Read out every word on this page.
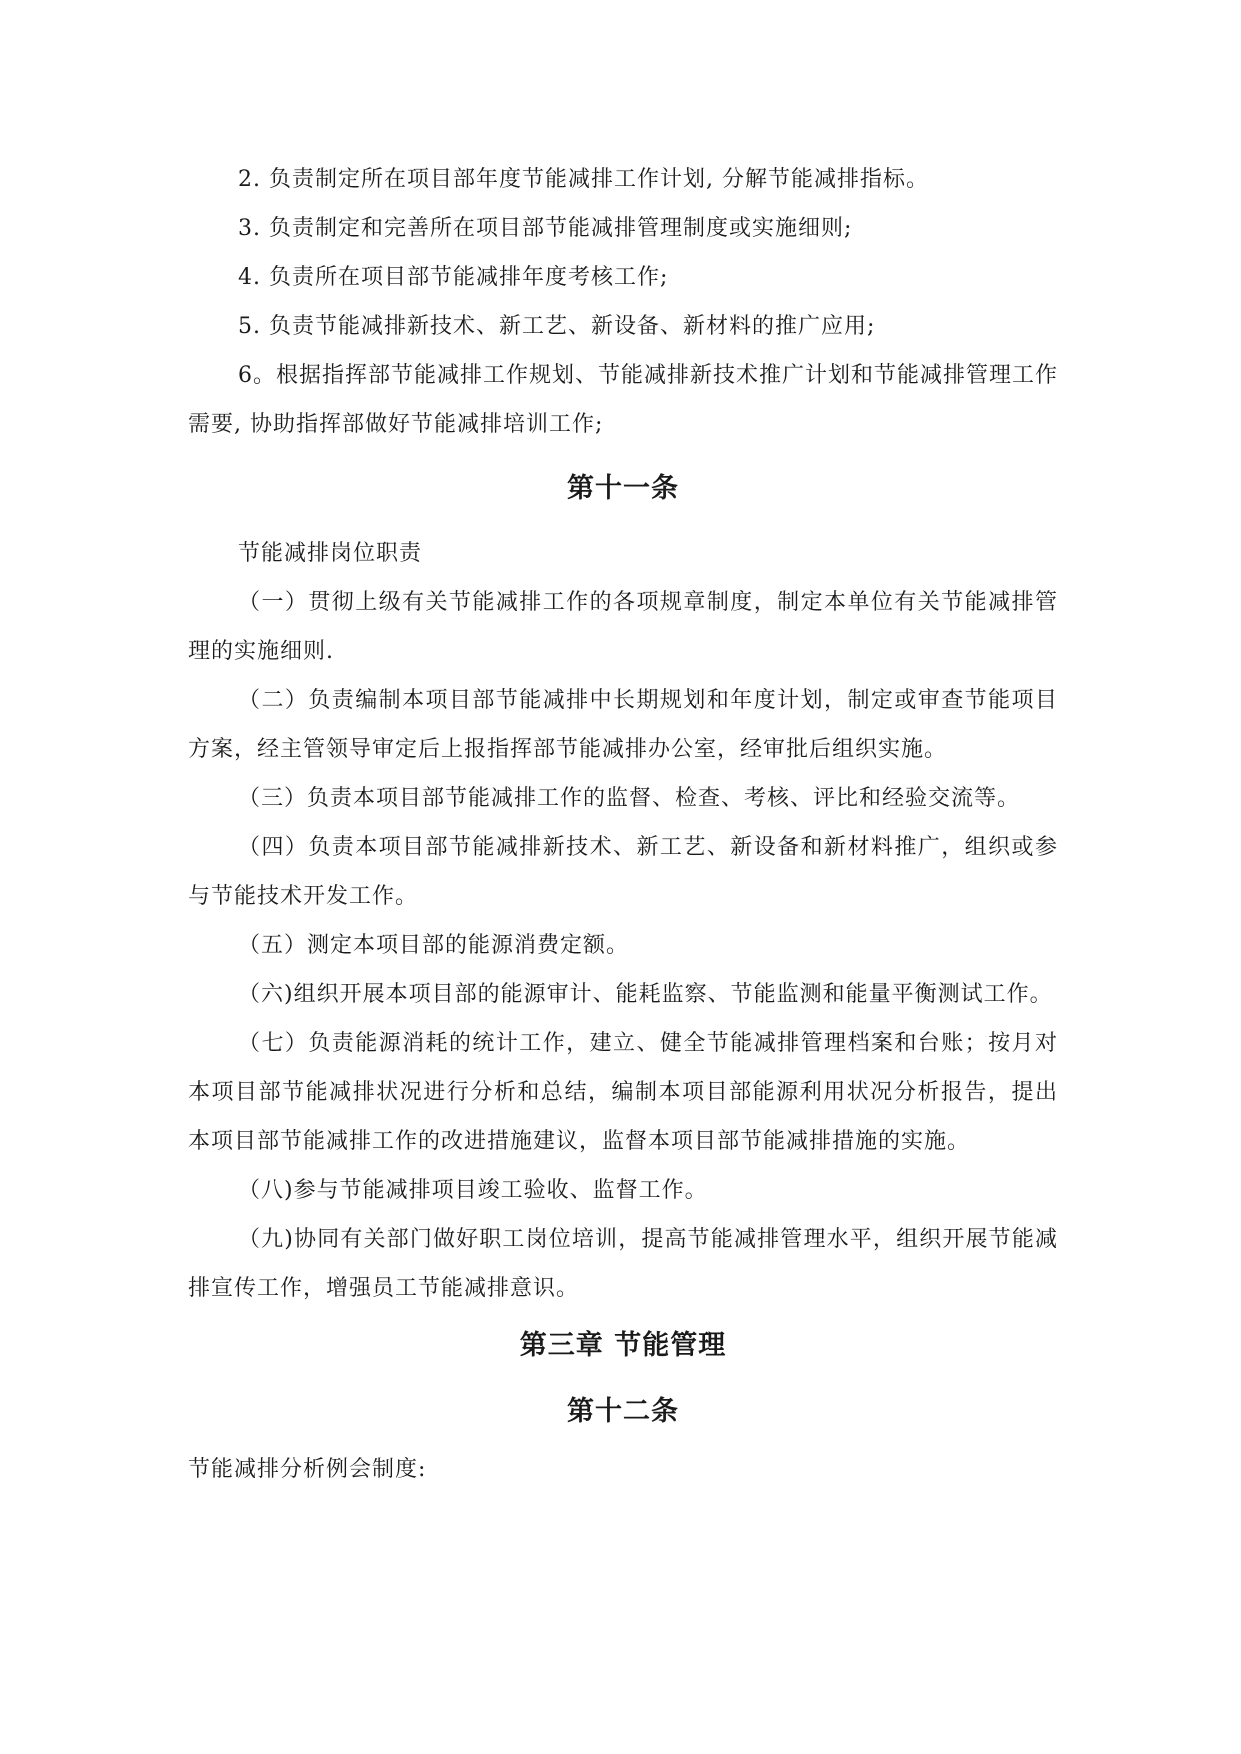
2. 负责制定所在项目部年度节能减排工作计划, 分解节能减排指标。

3. 负责制定和完善所在项目部节能减排管理制度或实施细则;

4. 负责所在项目部节能减排年度考核工作;

5. 负责节能减排新技术、新工艺、新设备、新材料的推广应用;

6。根据指挥部节能减排工作规划、节能减排新技术推广计划和节能减排管理工作需要, 协助指挥部做好节能减排培训工作;

第十一条

节能减排岗位职责

（一）贯彻上级有关节能减排工作的各项规章制度，制定本单位有关节能减排管理的实施细则.

（二）负责编制本项目部节能减排中长期规划和年度计划，制定或审查节能项目方案，经主管领导审定后上报指挥部节能减排办公室，经审批后组织实施。

（三）负责本项目部节能减排工作的监督、检查、考核、评比和经验交流等。

（四）负责本项目部节能减排新技术、新工艺、新设备和新材料推广，组织或参与节能技术开发工作。

（五）测定本项目部的能源消费定额。

（六)组织开展本项目部的能源审计、能耗监察、节能监测和能量平衡测试工作。

（七）负责能源消耗的统计工作，建立、健全节能减排管理档案和台账；按月对本项目部节能减排状况进行分析和总结，编制本项目部能源利用状况分析报告，提出本项目部节能减排工作的改进措施建议，监督本项目部节能减排措施的实施。

（八)参与节能减排项目竣工验收、监督工作。

（九)协同有关部门做好职工岗位培训，提高节能减排管理水平，组织开展节能减排宣传工作，增强员工节能减排意识。

第三章 节能管理
第十二条

节能减排分析例会制度:
